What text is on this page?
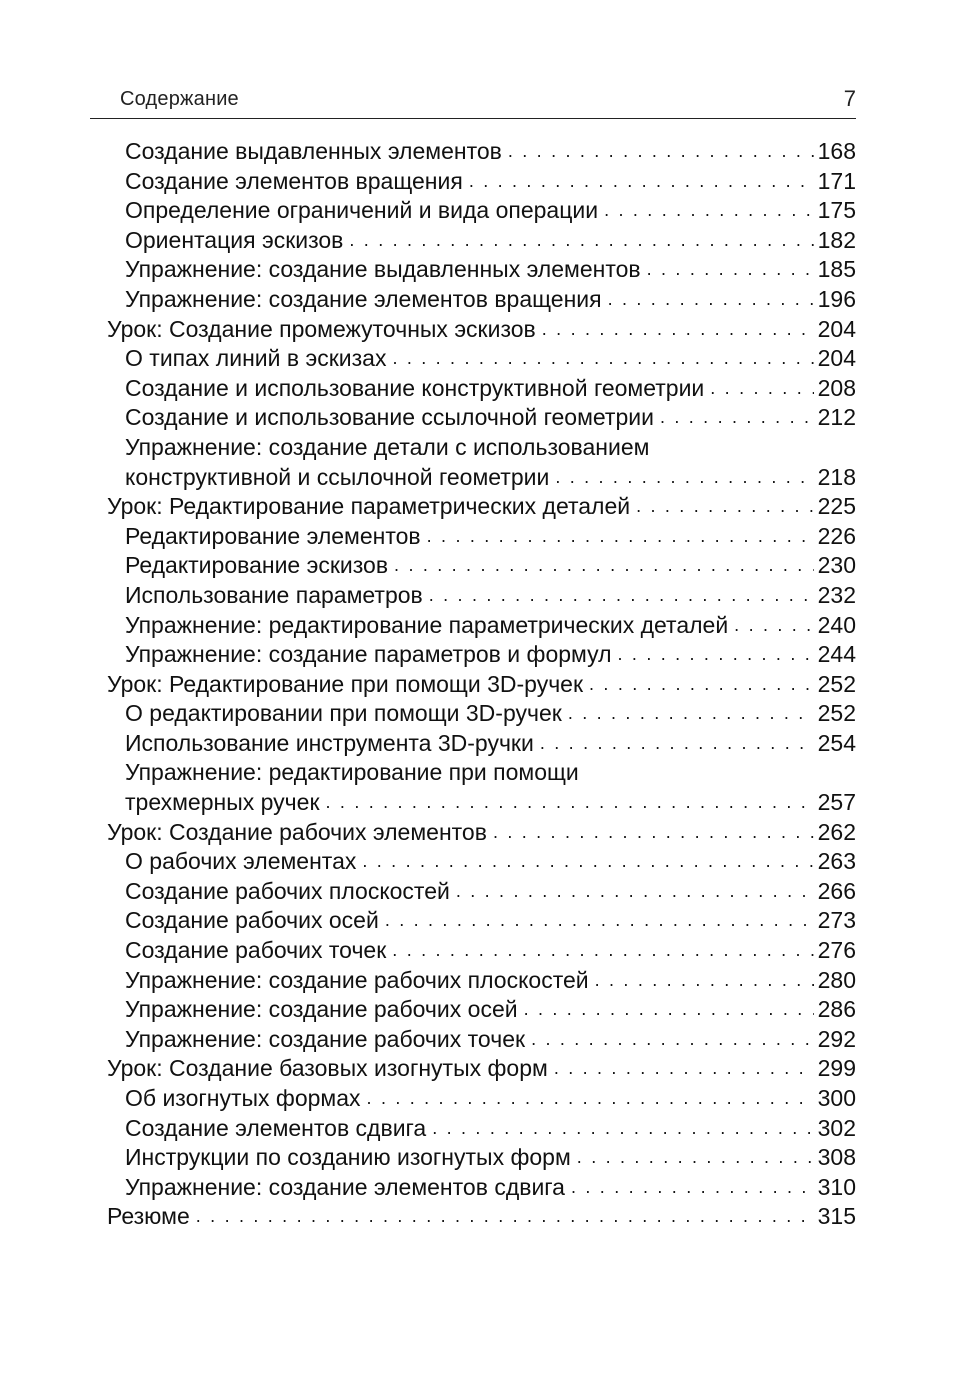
Содержание	7
Создание выдавленных элементов . . .	168
Создание элементов вращения . . .	171
Определение ограничений и вида операции . . .	175
Ориентация эскизов . . .	182
Упражнение: создание выдавленных элементов . . .	185
Упражнение: создание элементов вращения . . .	196
Урок: Создание промежуточных эскизов . . .	204
О типах линий в эскизах . . .	204
Создание и использование конструктивной геометрии . . .	208
Создание и использование ссылочной геометрии . . .	212
Упражнение: создание детали с использованием
конструктивной и ссылочной геометрии . . .	218
Урок: Редактирование параметрических деталей . . .	225
Редактирование элементов . . .	226
Редактирование эскизов . . .	230
Использование параметров . . .	232
Упражнение: редактирование параметрических деталей . . .	240
Упражнение: создание параметров и формул . . .	244
Урок: Редактирование при помощи 3D-ручек . . .	252
О редактировании при помощи 3D-ручек . . .	252
Использование инструмента 3D-ручки . . .	254
Упражнение: редактирование при помощи
трехмерных ручек . . .	257
Урок: Создание рабочих элементов . . .	262
О рабочих элементах . . .	263
Создание рабочих плоскостей . . .	266
Создание рабочих осей . . .	273
Создание рабочих точек . . .	276
Упражнение: создание рабочих плоскостей . . .	280
Упражнение: создание рабочих осей . . .	286
Упражнение: создание рабочих точек . . .	292
Урок: Создание базовых изогнутых форм . . .	299
Об изогнутых формах . . .	300
Создание элементов сдвига . . .	302
Инструкции по созданию изогнутых форм . . .	308
Упражнение: создание элементов сдвига . . .	310
Резюме . . .	315
